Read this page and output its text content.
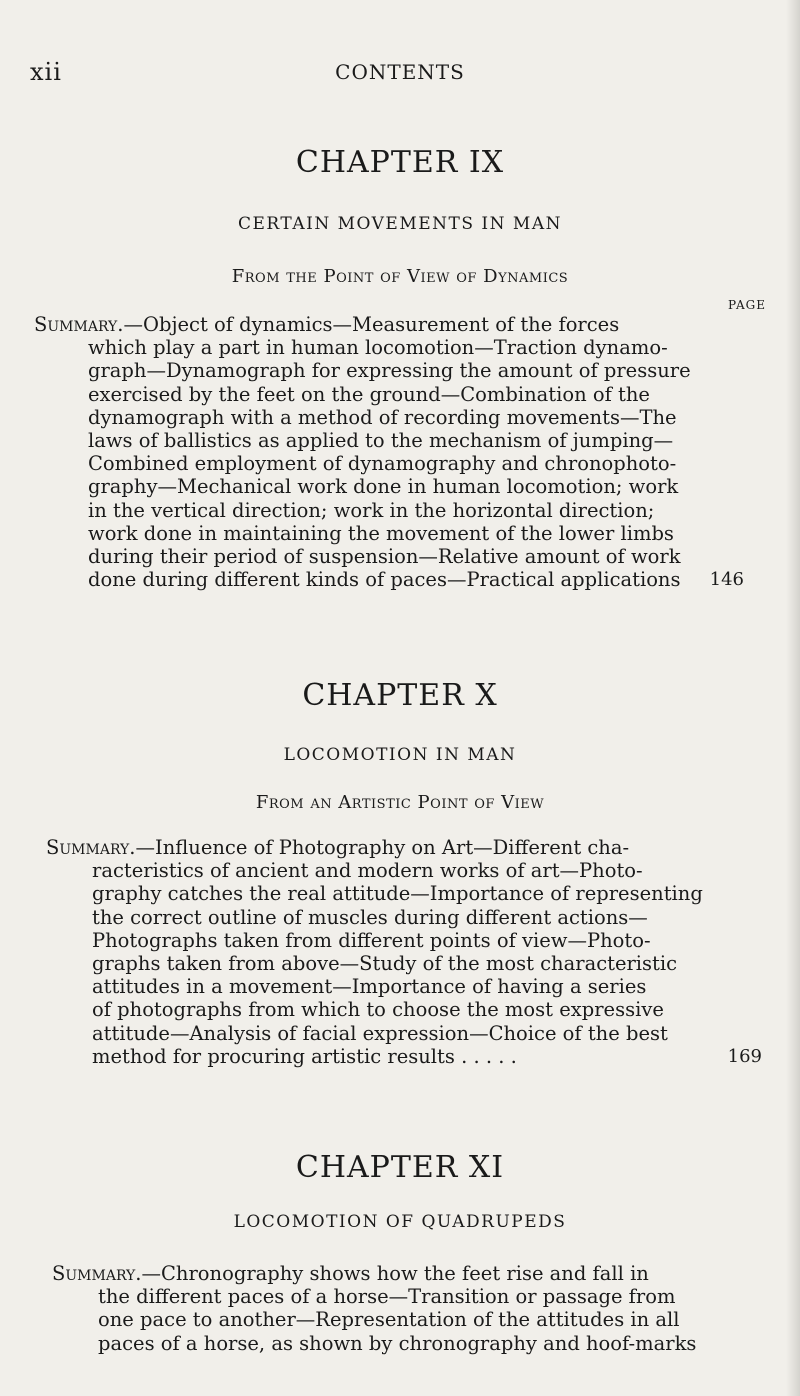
xii	CONTENTS
CHAPTER IX
CERTAIN MOVEMENTS IN MAN
From the Point of View of Dynamics
PAGE
Summary.—Object of dynamics—Measurement of the forces
which play a part in human locomotion—Traction dynamo-
graph—Dynamograph for expressing the amount of pressure
exercised by the feet on the ground—Combination of the
dynamograph with a method of recording movements—The
laws of ballistics as applied to the mechanism of jumping—
Combined employment of dynamography and chronophoto-
graphy—Mechanical work done in human locomotion; work
in the vertical direction; work in the horizontal direction;
work done in maintaining the movement of the lower limbs
during their period of suspension—Relative amount of work
done during different kinds of paces—Practical applications 146
CHAPTER X
LOCOMOTION IN MAN
From an Artistic Point of View
Summary.—Influence of Photography on Art—Different cha-
racteristics of ancient and modern works of art—Photo-
graphy catches the real attitude—Importance of representing
the correct outline of muscles during different actions—
Photographs taken from different points of view—Photo-
graphs taken from above—Study of the most characteristic
attitudes in a movement—Importance of having a series
of photographs from which to choose the most expressive
attitude—Analysis of facial expression—Choice of the best
method for procuring artistic results . . . . .	169
CHAPTER XI
LOCOMOTION OF QUADRUPEDS
Summary.—Chronography shows how the feet rise and fall in
the different paces of a horse—Transition or passage from
one pace to another—Representation of the attitudes in all
paces of a horse, as shown by chronography and hoof-marks
